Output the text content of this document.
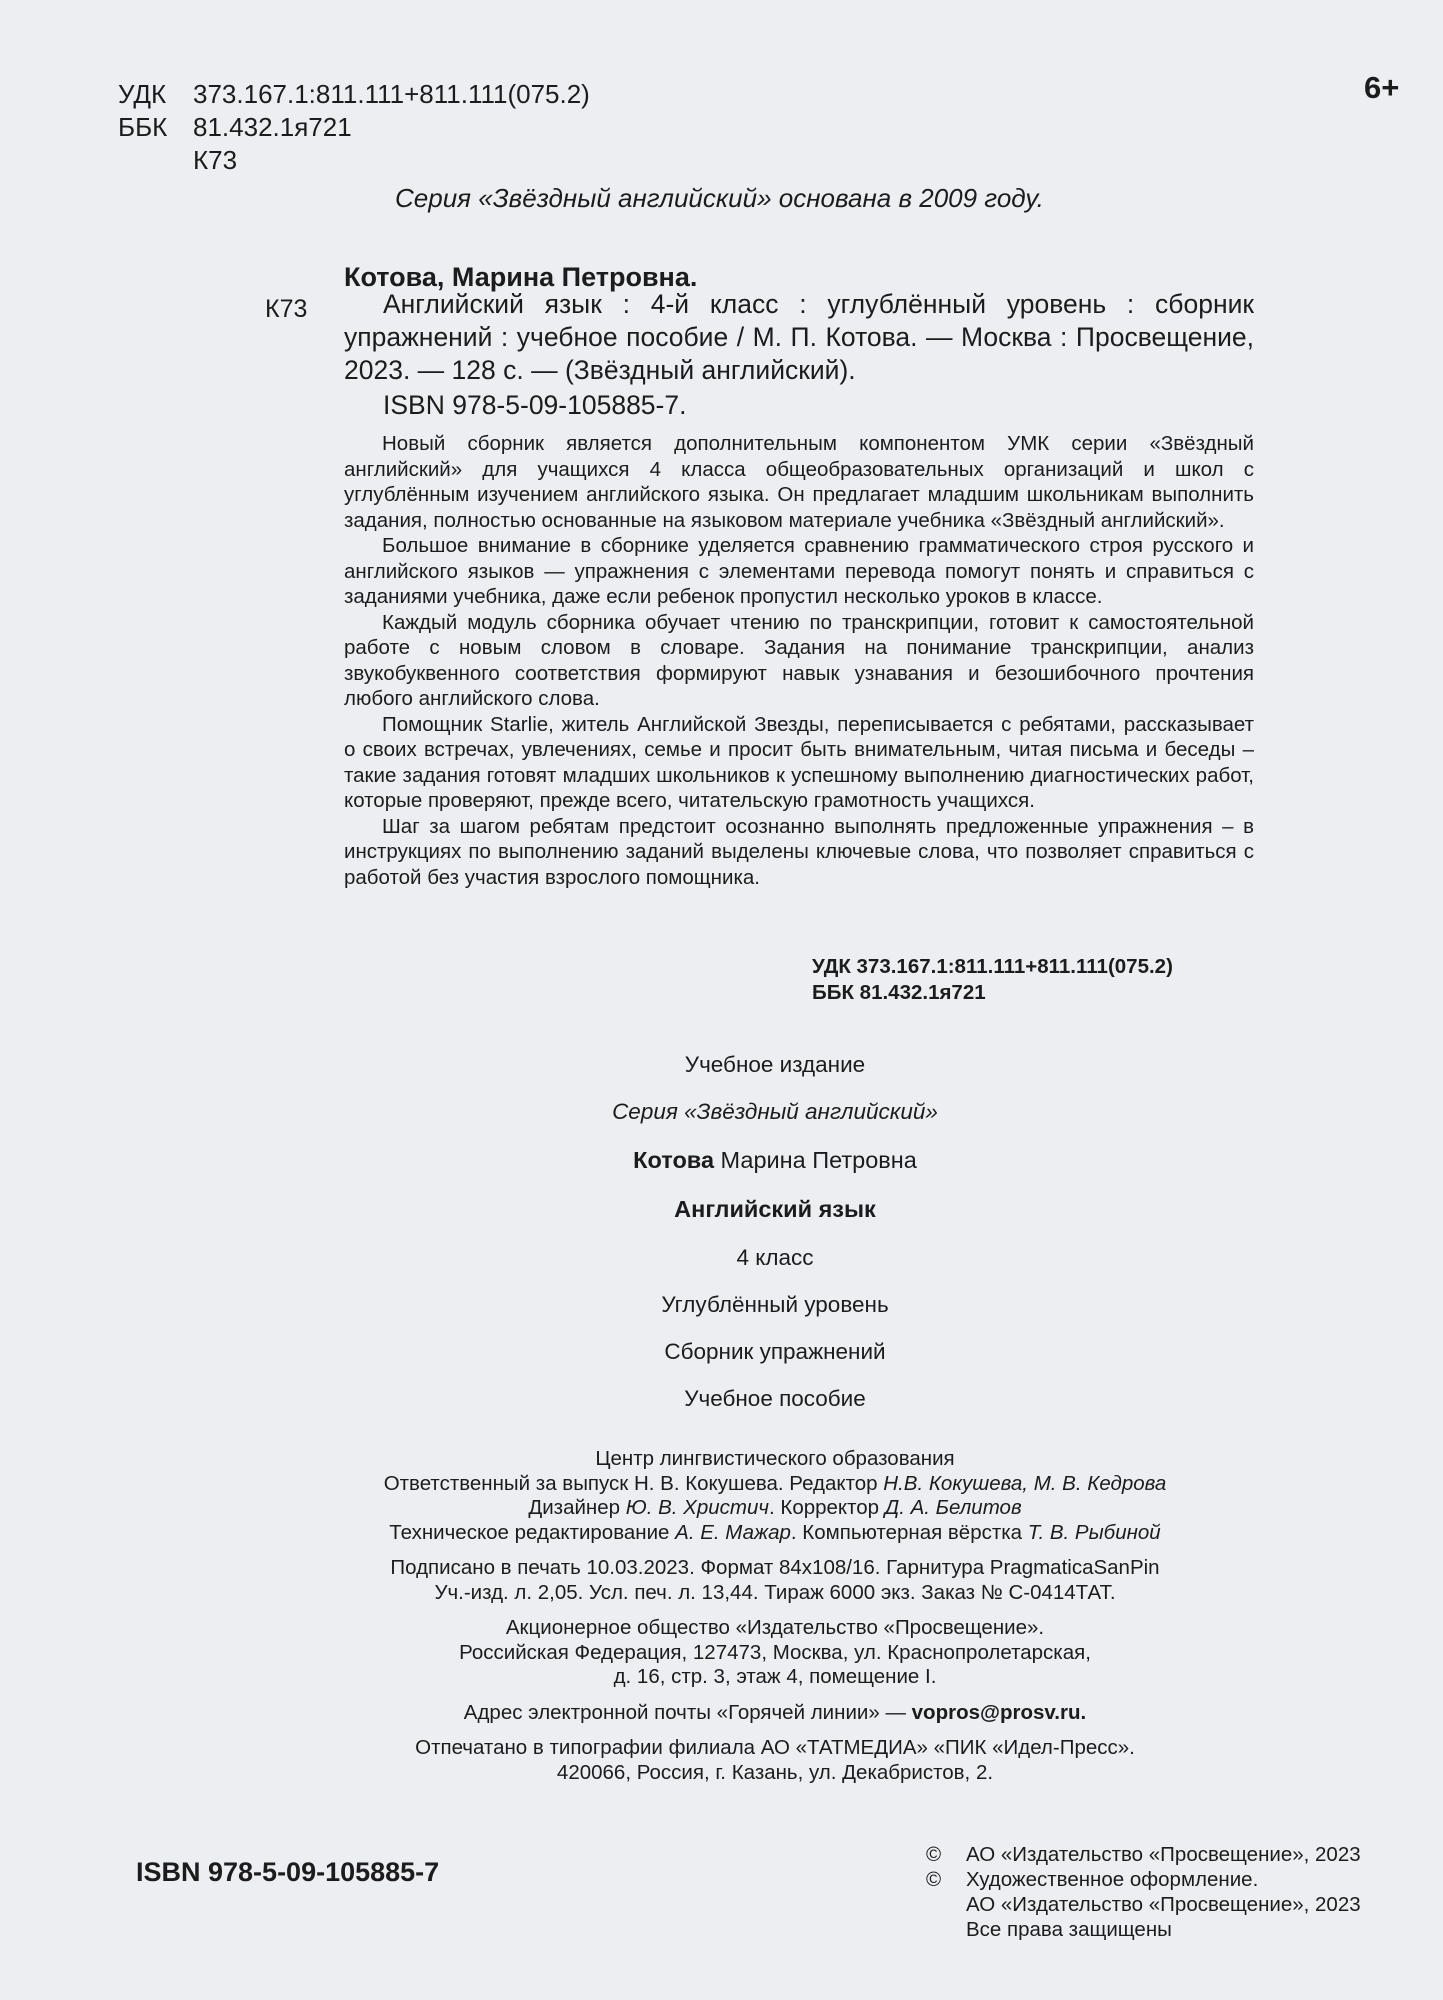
УДК	373.167.1:811.111+811.111(075.2)
ББК 81.432.1я721
К73
6+
Серия «Звёздный английский» основана в 2009 году.
К73
Котова, Марина Петровна.
Английский язык : 4-й класс : углублённый уровень : сборник упражнений : учебное пособие / М. П. Котова. — Москва : Просвещение, 2023. — 128 с. — (Звёздный английский).
ISBN 978-5-09-105885-7.

Новый сборник является дополнительным компонентом УМК серии «Звёздный английский» для учащихся 4 класса общеобразовательных организаций и школ с углублённым изучением английского языка. Он предлагает младшим школьникам выполнить задания, полностью основанные на языковом материале учебника «Звёздный английский».

Большое внимание в сборнике уделяется сравнению грамматического строя русского и английского языков — упражнения с элементами перевода помогут понять и справиться с заданиями учебника, даже если ребенок пропустил несколько уроков в классе.

Каждый модуль сборника обучает чтению по транскрипции, готовит к самостоятельной работе с новым словом в словаре. Задания на понимание транскрипции, анализ звукобуквенного соответствия формируют навык узнавания и безошибочного прочтения любого английского слова.

Помощник Starlie, житель Английской Звезды, переписывается с ребятами, рассказывает о своих встречах, увлечениях, семье и просит быть внимательным, читая письма и беседы – такие задания готовят младших школьников к успешному выполнению диагностических работ, которые проверяют, прежде всего, читательскую грамотность учащихся.

Шаг за шагом ребятам предстоит осознанно выполнять предложенные упражнения – в инструкциях по выполнению заданий выделены ключевые слова, что позволяет справиться с работой без участия взрослого помощника.

УДК 373.167.1:811.111+811.111(075.2)
ББК 81.432.1я721
Учебное издание
Серия «Звёздный английский»
Котова Марина Петровна
Английский язык
4 класс
Углублённый уровень
Сборник упражнений
Учебное пособие
Центр лингвистического образования
Ответственный за выпуск Н. В. Кокушева. Редактор Н.В. Кокушева, М. В. Кедрова
Дизайнер Ю. В. Христич. Корректор Д. А. Белитов
Техническое редактирование А. Е. Мажар. Компьютерная вёрстка Т. В. Рыбиной
Подписано в печать 10.03.2023. Формат 84x108/16. Гарнитура PragmaticaSanPin
Уч.-изд. л. 2,05. Усл. печ. л. 13,44. Тираж 6000 экз. Заказ № С-0414ТАТ.
Акционерное общество «Издательство «Просвещение».
Российская Федерация, 127473, Москва, ул. Краснопролетарская,
д. 16, стр. 3, этаж 4, помещение I.
Адрес электронной почты «Горячей линии» — vopros@prosv.ru.
Отпечатано в типографии филиала АО «ТАТМЕДИА» «ПИК «Идел-Пресс».
420066, Россия, г. Казань, ул. Декабристов, 2.
ISBN 978-5-09-105885-7
©	АО «Издательство «Просвещение», 2023
©	Художественное оформление.
АО «Издательство «Просвещение», 2023
Все права защищены
